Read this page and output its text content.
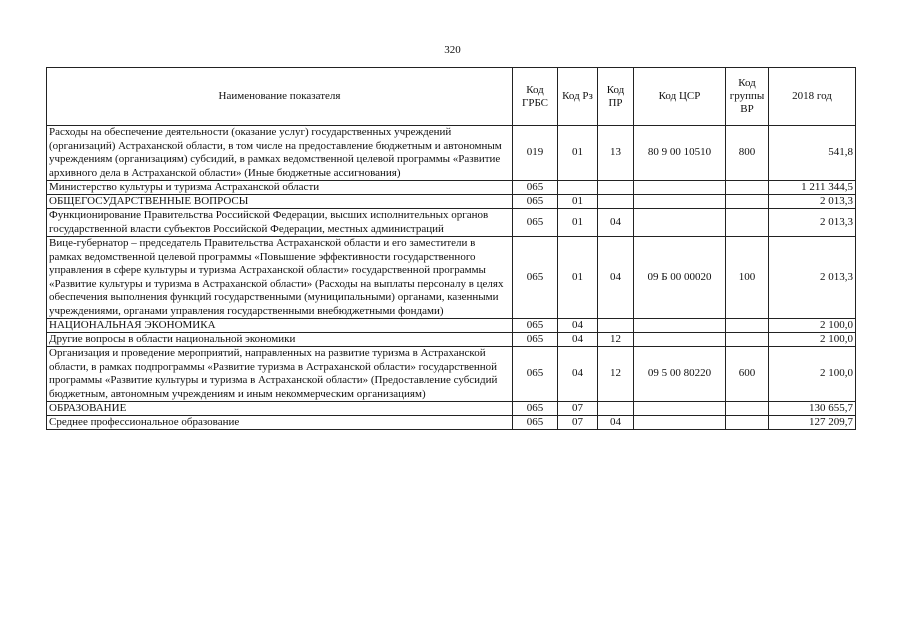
320
Наименование показателя	Код ГРБС	Код Рз	Код ПР	Код ЦСР	Код группы ВР	2018 год
Расходы на обеспечение деятельности (оказание услуг) государственных учреждений (организаций) Астраханской области, в том числе на предоставление бюджетным и автономным учреждениям (организациям) субсидий, в рамках ведомственной целевой программы «Развитие архивного дела в Астраханской области» (Иные бюджетные ассигнования)	019	01	13	80 9 00 10510	800	541,8
Министерство культуры и туризма Астраханской области	065					1 211 344,5
ОБЩЕГОСУДАРСТВЕННЫЕ ВОПРОСЫ	065	01				2 013,3
Функционирование Правительства Российской Федерации, высших исполнительных органов государственной власти субъектов Российской Федерации, местных администраций	065	01	04			2 013,3
Вице-губернатор – председатель Правительства Астраханской области и его заместители в рамках ведомственной целевой программы «Повышение эффективности государственного управления в сфере культуры и туризма Астраханской области» государственной программы «Развитие культуры и туризма в Астраханской области» (Расходы на выплаты персоналу в целях обеспечения выполнения функций государственными (муниципальными) органами, казенными учреждениями, органами управления государственными внебюджетными фондами)	065	01	04	09 Б 00 00020	100	2 013,3
НАЦИОНАЛЬНАЯ ЭКОНОМИКА	065	04				2 100,0
Другие вопросы в области национальной экономики	065	04	12			2 100,0
Организация и проведение мероприятий, направленных на развитие туризма в Астраханской области, в рамках подпрограммы «Развитие туризма в Астраханской области» государственной программы «Развитие культуры и туризма в Астраханской области» (Предоставление субсидий бюджетным, автономным учреждениям и иным некоммерческим организациям)	065	04	12	09 5 00 80220	600	2 100,0
ОБРАЗОВАНИЕ	065	07				130 655,7
Среднее профессиональное образование	065	07	04			127 209,7
